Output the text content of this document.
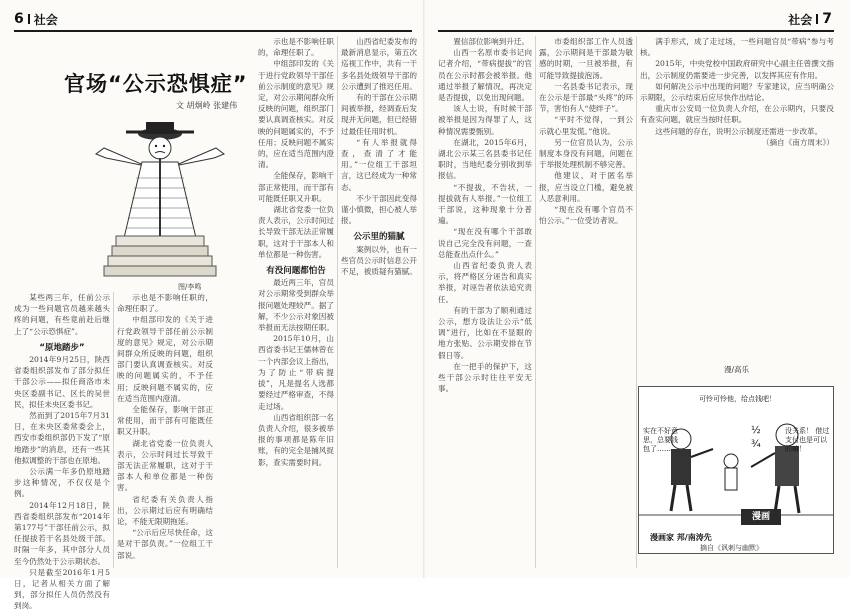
6 社会
官场“公示恐惧症”
文 胡炯岭 张建伟
图/李鸣

某些两三年，任前公示成为一些问题官员越来越头疼的问题，有些竟前赴后继上了“公示恐惧症”。

“原地踏步”

2014年9月25日，陕西省委组织部发布了部分拟任干部公示——拟任商洛市未央区委副书记、区长的吴世民，拟任未央区委书记。

然而到了2015年7月31日，在未央区委常委会上，西安市委组织部仍下发了“原地踏步”的消息，还有一些其他拟调整的干部也在原地。

公示满一年多仍原地踏步这种情况，不仅仅是个例。

2014年12月18日，陕西省委组织部发布“2014年第177号”干部任前公示，拟任提拔若干名县处级干部。时隔一年多，其中部分人员至今仍然处于公示期状态。

只是截至2016年1月5日，记者从相关方面了解到，部分拟任人员仍然没有到岗。

示也是不影响任职的，命理任职了。

中组部印发的《关于进行党政领导干部任前公示制度的意见》规定，对公示期间群众所反映的问题，组织部门要认真调查核实。对反映的问题属实的，不予任用；反映问题不属实的，应在适当范围内澄清。

全能保存，影响干部正常使用，而干部有可能既任职又升职。

湖北省党委一位负责人表示，公示时间过长导致干部无法正常履职，这对于干部本人和单位都是一种伤害。

省纪委有关负责人指出，公示期过后应有明确结论，不能无限期拖延。

“公示后应尽快任命，这是对干部负责。”一位组工干部说。

示也是不影响任职的，命理任职了。

中组部印发的《关于进行党政领导干部任前公示制度的意见》规定，对公示期间群众所反映的问题，组织部门要认真调查核实。对反映的问题属实的，不予任用；反映问题不属实的，应在适当范围内澄清。

全能保存，影响干部正常使用，而干部有可能既任职又升职。

湖北省党委一位负责人表示，公示时间过长导致干部无法正常履职，这对于干部本人和单位都是一种伤害。

有没问题都怕告

最近两三年，官员对公示期常受到群众举报问题处理较严。据了解，不少公示对象因被举报而无法按期任职。

2015年10月，山西省委书记王儒林曾在一个内部会议上指出，为了防止“带病提拔”，凡是提名人选都要经过严格审查，不得走过场。

山西省组织部一名负责人介绍，很多被举报的事项都是陈年旧账，有的完全是捕风捉影，查实需要时间。

山西省纪委发布的最新消息显示，第五次巡视工作中，共有一干多名县处级领导干部的公示遭到了推迟任用。

有的干部在公示期间被举报，经调查后发现并无问题，但已经错过最佳任用时机。

“有人举报就得查，查清了才能用。”一位组工干部坦言，这已经成为一种常态。

不少干部因此变得谨小慎微，担心被人举报。

公示里的猫腻

案例以外，也有一些官员公示时信息公开不足，被质疑有猫腻。

社会 7

置信部位影响到升迁。

山西一名原市委书记向记者介绍，“带病提拔”的官员在公示时都会被举报。他通过举报了解情况，再决定是否提拔，以免出现问题。

该人士说，有时候干部被举报是因为得罪了人，这种情况需要甄别。

在湖北，2015年6月，湖北公示某三名县委书记任职时，当地纪委分别收到举报信。

“不提拔，不告状，一提拔就有人举报。”一位组工干部说，这种现象十分普遍。

“现在没有哪个干部敢说自己完全没有问题，一查总能查出点什么。”

山西省纪委负责人表示，将严格区分诬告和真实举报，对诬告者依法追究责任。

有的干部为了顺利通过公示，想方设法让公示“低调”进行，比如在不显眼的地方张贴、公示期安排在节假日等。

在一把手的保护下，这些干部公示时往往平安无事。

市委组织部工作人员透露，公示期间是干部最为敏感的时期，一旦被举报，有可能导致提拔泡汤。

一名县委书记表示，现在公示是干部最“头疼”的环节，害怕有人“使绊子”。

“平时不觉得，一到公示就心里发慌。”他说。

另一位官员认为，公示制度本身没有问题，问题在于举报处理机制不够完善。

他建议，对于匿名举报，应当设立门槛，避免被人恶意利用。

“现在没有哪个官员不怕公示。”一位受访者说。

满手形式，成了走过场，一些问题官员“带病”参与考核。

2015年，中央党校中国政府研究中心副主任曾撰文指出，公示制度仍需要进一步完善，以发挥其应有作用。

如何解决公示中出现的问题？专家建议，应当明确公示期限，公示结束后应尽快作出结论。

重庆市公安局一位负责人介绍，在公示期内，只要没有查实问题，就应当按时任职。

这些问题的存在，说明公示制度还需进一步改革。

（摘自《南方周末》）

漫/高乐
½
¾
可怜可怜他，给点钱吧！
实在不好意思，总要钱包了……
没关系！ 借过支付也是可以的嘛！
漫画
漫画家 邦/南涛先
摘自《讽刺与幽默》
